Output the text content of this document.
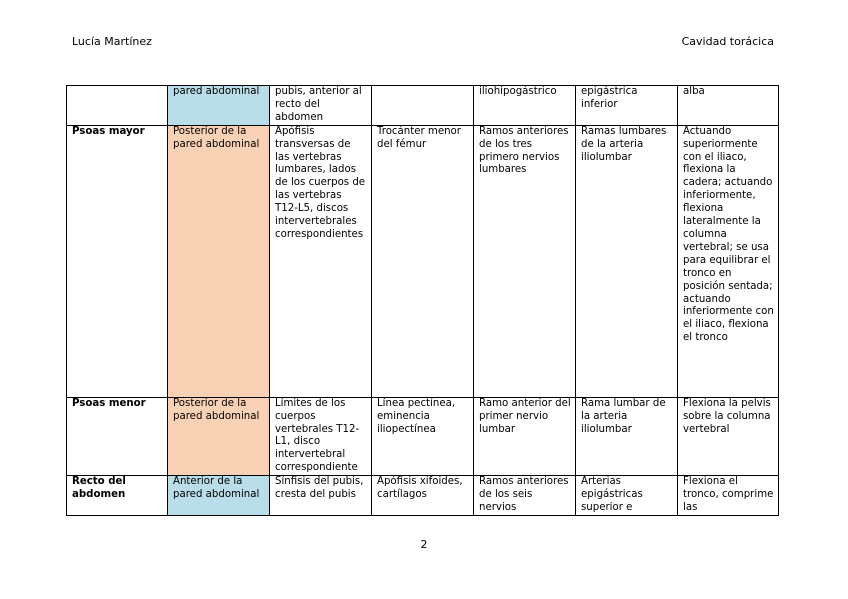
Lucía Martínez	Cavidad torácica
	pared abdominal	pubis, anterior al recto del abdomen		iliohipogástrico	epigástrica inferior	alba
Psoas mayor	Posterior de la pared abdominal	Apófisis transversas de las vertebras lumbares, lados de los cuerpos de las vertebras T12-L5, discos intervertebrales correspondientes	Trocánter menor del fémur	Ramos anteriores de los tres primero nervios lumbares	Ramas lumbares de la arteria iliolumbar	Actuando superiormente con el iliaco, flexiona la cadera; actuando inferiormente, flexiona lateralmente la columna vertebral; se usa para equilibrar el tronco en posición sentada; actuando inferiormente con el iliaco, flexiona el tronco
Psoas menor	Posterior de la pared abdominal	Límites de los cuerpos vertebrales T12-L1, disco intervertebral correspondiente	Línea pectínea, eminencia iliopectínea	Ramo anterior del primer nervio lumbar	Rama lumbar de la arteria iliolumbar	Flexiona la pelvis sobre la columna vertebral
Recto del abdomen	Anterior de la pared abdominal	Sínfisis del pubis, cresta del pubis	Apófisis xifoides, cartílagos	Ramos anteriores de los seis nervios	Arterias epigástricas superior e	Flexiona el tronco, comprime las
2
